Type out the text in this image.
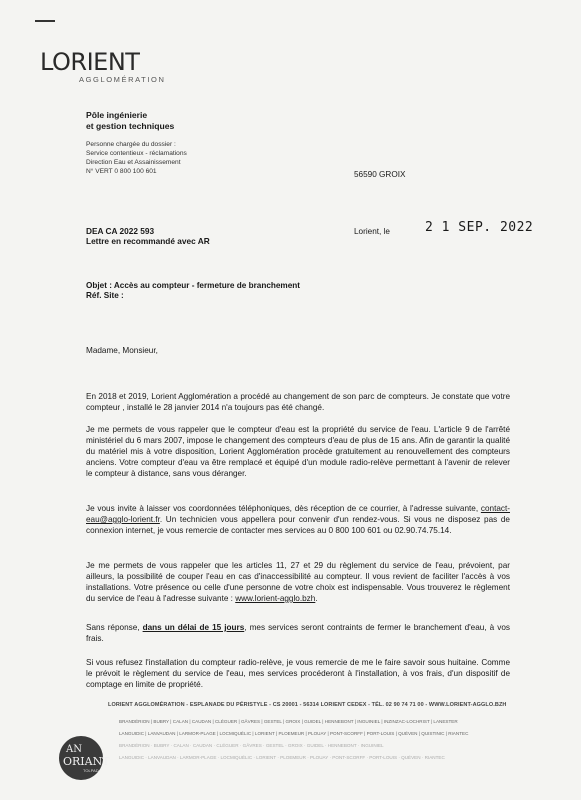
LORIENT
AGGLOMÉRATION
Pôle ingénierie
et gestion techniques
Personne chargée du dossier :
Service contentieux - réclamations
Direction Eau et Assainissement
N° VERT 0 800 100 601	56590 GROIX
DEA CA 2022 593
Lettre en recommandé avec AR
Lorient, le	2 1 SEP. 2022
Objet : Accès au compteur - fermeture de branchement
Réf. Site :
Madame, Monsieur,
En 2018 et 2019, Lorient Agglomération a procédé au changement de son parc de compteurs. Je constate que votre compteur , installé le 28 janvier 2014 n'a toujours pas été changé.
Je me permets de vous rappeler que le compteur d'eau est la propriété du service de l'eau. L'article 9 de l'arrêté ministériel du 6 mars 2007, impose le changement des compteurs d'eau de plus de 15 ans. Afin de garantir la qualité du matériel mis à votre disposition, Lorient Agglomération procède gratuitement au renouvellement des compteurs anciens. Votre compteur d'eau va être remplacé et équipé d'un module radio-relève permettant à l'avenir de relever le compteur à distance, sans vous déranger.
Je vous invite à laisser vos coordonnées téléphoniques, dès réception de ce courrier, à l'adresse suivante, contact-eau@agglo-lorient.fr. Un technicien vous appellera pour convenir d'un rendez-vous. Si vous ne disposez pas de connexion internet, je vous remercie de contacter mes services au 0 800 100 601 ou 02.90.74.75.14.
Je me permets de vous rappeler que les articles 11, 27 et 29 du règlement du service de l'eau, prévoient, par ailleurs, la possibilité de couper l'eau en cas d'inaccessibilité au compteur. Il vous revient de faciliter l'accès à vos installations. Votre présence ou celle d'une personne de votre choix est indispensable. Vous trouverez le règlement du service de l'eau à l'adresse suivante : www.lorient-agglo.bzh.
Sans réponse, dans un délai de 15 jours, mes services seront contraints de fermer le branchement d'eau, à vos frais.
Si vous refusez l'installation du compteur radio-relève, je vous remercie de me le faire savoir sous huitaine. Comme le prévoit le règlement du service de l'eau, mes services procéderont à l'installation, à vos frais, d'un dispositif de comptage en limite de propriété.
LORIENT AGGLOMÉRATION - ESPLANADE DU PÉRISTYLE - CS 20001 - 56314 LORIENT CEDEX - TÉL. 02 90 74 71 00 - WWW.LORIENT-AGGLO.BZH
AN
ORIANT
TOLPAD
BRANDÉRION | BUBRY | CALAN | CAUDAN | CLÉGUER | GÂVRES | GESTEL | GROIX | GUIDEL | HENNEBONT | INGUINIEL | INZINZAC-LOCHRIST | LANESTER
LANGUIDIC | LANVAUDAN | LARMOR-PLAGE | LOCMIQUÉLIC | LORIENT | PLOEMEUR | PLOUAY | PONT-SCORFF | PORT-LOUIS | QUÉVEN | QUISTINIC | RIANTEC
BRANDÉRION · BUBRY · CALAN · CAUDAN · CLÉGUER · GÂVRES · GESTEL · GROIX · GUIDEL · HENNEBONT · INGUINIEL
LANGUIDIC · LANVAUDAN · LARMOR-PLAGE · LOCMIQUÉLIC · LORIENT · PLOEMEUR · PLOUAY · PONT-SCORFF · PORT-LOUIS · QUÉVEN · RIANTEC
